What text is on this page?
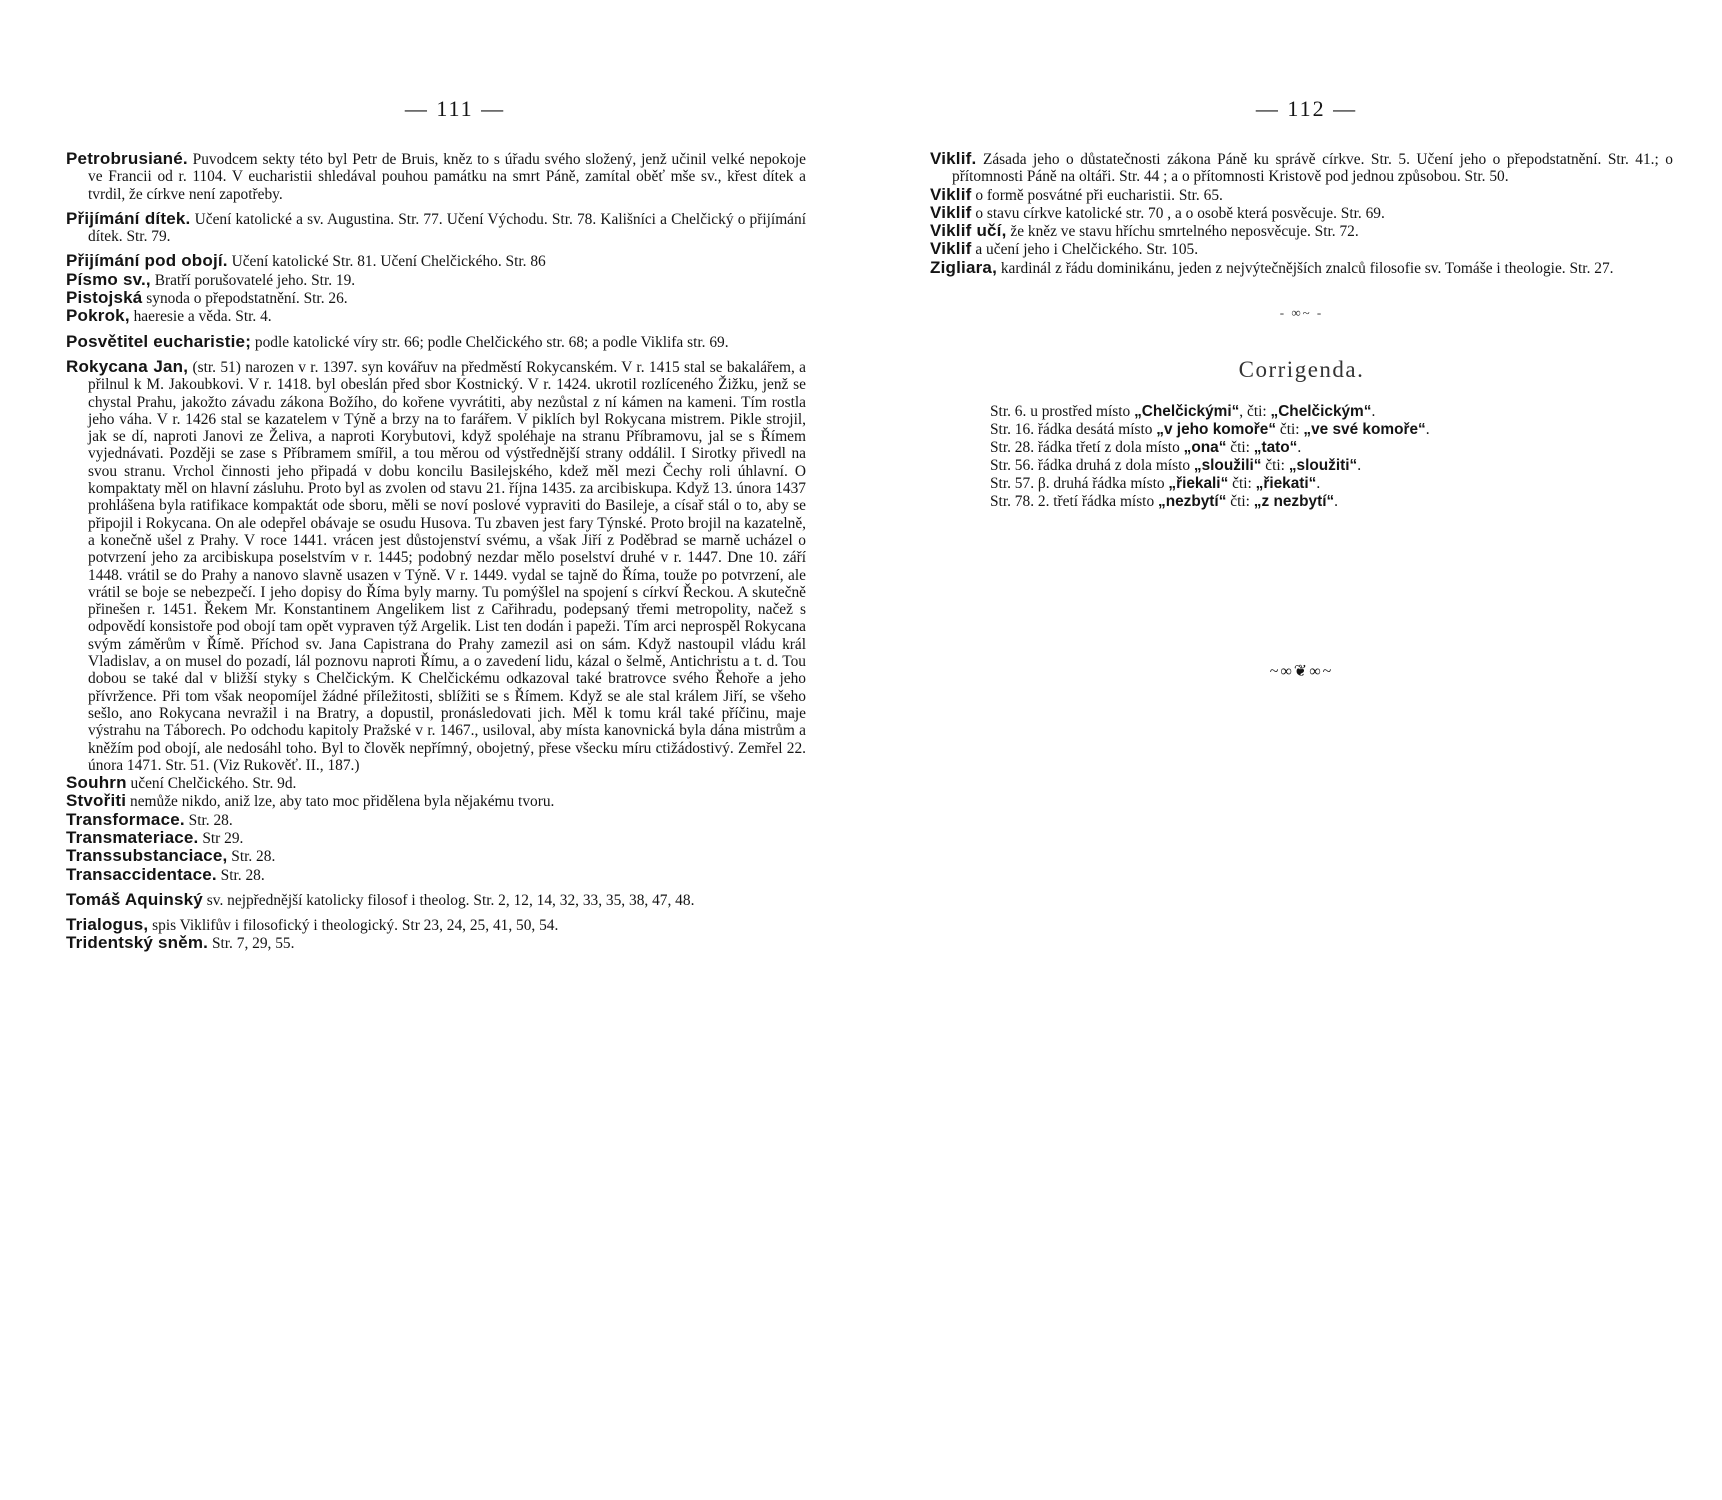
— 111 —
Petrobrusiané. Puvodcem sekty této byl Petr de Bruis, kněz to s úřadu svého složený, jenž učinil velké nepokoje ve Francii od r. 1104. V eucharistii shledával pouhou památku na smrt Páně, zamítal oběť mše sv., křest dítek a tvrdil, že církve není zapotřeby.
Přijímání dítek. Učení katolické a sv. Augustina. Str. 77. Učení Východu. Str. 78. Kališníci a Chelčický o přijímání dítek. Str. 79.
Přijímání pod obojí. Učení katolické Str. 81. Učení Chelčického. Str. 86
Písmo sv., Bratří porušovatelé jeho. Str. 19.
Pistojská synoda o přepodstatnění. Str. 26.
Pokrok, haeresie a věda. Str. 4.
Posvětitel eucharistie; podle katolické víry str. 66; podle Chelčického str. 68; a podle Viklifa str. 69.
Rokycana Jan, (str. 51) narozen v r. 1397. syn kovářuv na předměstí Rokycanském. V r. 1415 stal se bakalářem, a přilnul k M. Jakoubkovi. V r. 1418. byl obeslán před sbor Kostnický. V r. 1424. ukrotil rozlíceného Žižku, jenž se chystal Prahu, jakožto závadu zákona Božího, do kořene vyvrátiti, aby nezůstal z ní kámen na kameni. Tím rostla jeho váha. V r. 1426 stal se kazatelem v Týně a brzy na to farářem. V piklích byl Rokycana mistrem. Pikle strojil, jak se dí, naproti Janovi ze Želiva, a naproti Korybutovi, když spoléhaje na stranu Příbramovu, jal se s Římem vyjednávati. Později se zase s Příbramem smířil, a tou měrou od výstřednější strany oddálil. I Sirotky přivedl na svou stranu. Vrchol činnosti jeho připadá v dobu koncilu Basilejského, kdež měl mezi Čechy roli úhlavní. O kompaktaty měl on hlavní zásluhu. Proto byl as zvolen od stavu 21. října 1435. za arcibiskupa. Když 13. února 1437 prohlášena byla ratifikace kompaktát ode sboru, měli se noví poslové vypraviti do Basileje, a císař stál o to, aby se připojil i Rokycana. On ale odepřel obávaje se osudu Husova. Tu zbaven jest fary Týnské. Proto brojil na kazatelně, a konečně ušel z Prahy. V roce 1441. vrácen jest důstojenství svému, a však Jiří z Poděbrad se marně ucházel o potvrzení jeho za arcibiskupa poselstvím v r. 1445; podobný nezdar mělo poselství druhé v r. 1447. Dne 10. září 1448. vrátil se do Prahy a nanovo slavně usazen v Týně. V r. 1449. vydal se tajně do Říma, touže po potvrzení, ale vrátil se boje se nebezpečí. I jeho dopisy do Říma byly marny. Tu pomýšlel na spojení s církví Řeckou. A skutečně přinešen r. 1451. Řekem Mr. Konstantinem Angelikem list z Cařihradu, podepsaný třemi metropolity, načež s odpovědí konsistoře pod obojí tam opět vypraven týž Argelik. List ten dodán i papeži. Tím arci neprospěl Rokycana svým záměrům v Římě. Příchod sv. Jana Capistrana do Prahy zamezil asi on sám. Když nastoupil vládu král Vladislav, a on musel do pozadí, lál poznovu naproti Římu, a o zavedení lidu, kázal o šelmě, Antichristu a t. d. Tou dobou se také dal v bližší styky s Chelčickým. K Chelčickému odkazoval také bratrovce svého Řehoře a jeho přívržence. Při tom však neopomíjel žádné příležitosti, sblížiti se s Římem. Když se ale stal králem Jiří, se všeho sešlo, ano Rokycana nevražil i na Bratry, a dopustil, pronásledovati jich. Měl k tomu král také příčinu, maje výstrahu na Táborech. Po odchodu kapitoly Pražské v r. 1467., usiloval, aby místa kanovnická byla dána mistrům a kněžím pod obojí, ale nedosáhl toho. Byl to člověk nepřímný, obojetný, přese všecku míru ctižádostivý. Zemřel 22. února 1471. Str. 51. (Viz Rukověť. II., 187.)
Souhrn učení Chelčického. Str. 9d.
Stvořiti nemůže nikdo, aniž lze, aby tato moc přidělena byla nějakému tvoru.
Transformace. Str. 28.
Transmateriace. Str 29.
Transsubstanciace, Str. 28.
Transaccidentace. Str. 28.
Tomáš Aquinský sv. nejpřednější katolicky filosof i theolog. Str. 2, 12, 14, 32, 33, 35, 38, 47, 48.
Trialogus, spis Viklifův i filosofický i theologický. Str 23, 24, 25, 41, 50, 54.
Tridentský sněm. Str. 7, 29, 55.
— 112 —
Viklif. Zásada jeho o důstatečnosti zákona Páně ku správě církve. Str. 5. Učení jeho o přepodstatnění. Str. 41.; o přítomnosti Páně na oltáři. Str. 44 ; a o přítomnosti Kristově pod jednou způsobou. Str. 50.
Viklif o formě posvátné při eucharistii. Str. 65.
Viklif o stavu církve katolické str. 70 , a o osobě která posvěcuje. Str. 69.
Viklif učí, že kněz ve stavu hříchu smrtelného neposvěcuje. Str. 72.
Viklif a učení jeho i Chelčického. Str. 105.
Zigliara, kardinál z řádu dominikánu, jeden z nejvýtečnějších znalců filosofie sv. Tomáše i theologie. Str. 27.
- ∞~ -
Corrigenda.
Str. 6. u prostřed místo „Chelčickými“, čti: „Chelčickým“.
Str. 16. řádka desátá místo „v jeho komoře“ čti: „ve své komoře“.
Str. 28. řádka třetí z dola místo „ona“ čti: „tato“.
Str. 56. řádka druhá z dola místo „sloužili“ čti: „sloužiti“.
Str. 57. β. druhá řádka místo „řiekali“ čti: „řiekati“.
Str. 78. 2. třetí řádka místo „nezbytí“ čti: „z nezbytí“.
~∞❦∞~
